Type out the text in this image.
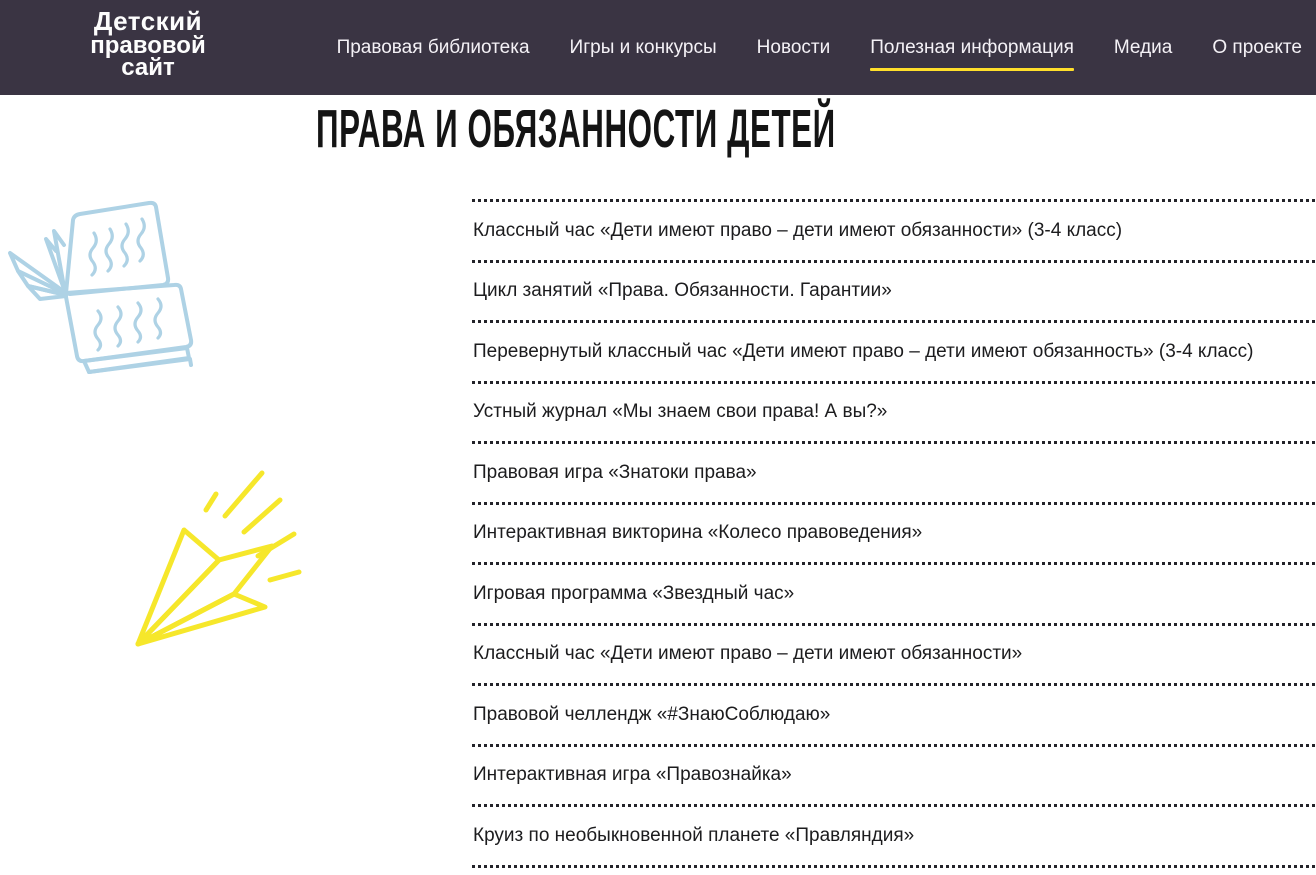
Детский
правовой
сайт
Правовая библиотека Игры и конкурсы Новости Полезная информация Медиа О проекте
ПРАВА И ОБЯЗАННОСТИ ДЕТЕЙ
Классный час «Дети имеют право – дети имеют обязанности» (3-4 класс)
Цикл занятий «Права. Обязанности. Гарантии»
Перевернутый классный час «Дети имеют право – дети имеют обязанность» (3-4 класс)
Устный журнал «Мы знаем свои права! А вы?»
Правовая игра «Знатоки права»
Интерактивная викторина «Колесо правоведения»
Игровая программа «Звездный час»
Классный час «Дети имеют право – дети имеют обязанности»
Правовой челлендж «#ЗнаюСоблюдаю»
Интерактивная игра «Правознайка»
Круиз по необыкновенной планете «Правляндия»
